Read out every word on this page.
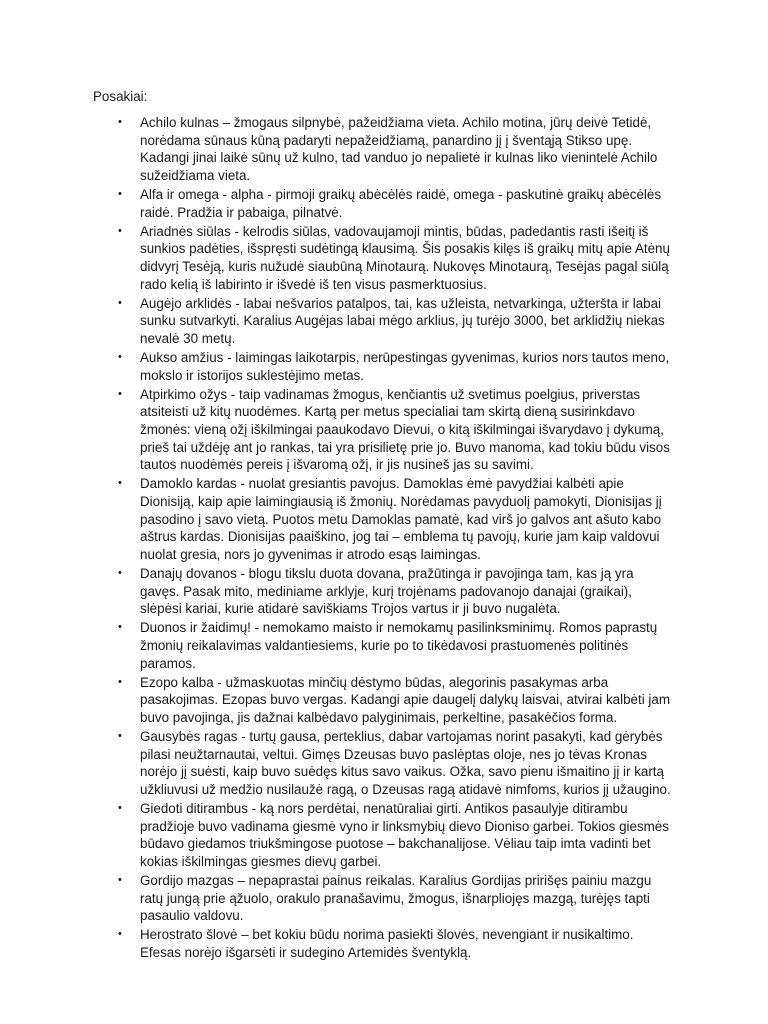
Posakiai:

•	Achilo kulnas – žmogaus silpnybė, pažeidžiama vieta. Achilo motina, jūrų deivė Tetidė, norėdama sūnaus kūną padaryti nepažeidžiamą, panardino jį į šventąją Stikso upę. Kadangi jinai laikė sūnų už kulno, tad vanduo jo nepalietė ir kulnas liko vienintelė Achilo sužeidžiama vieta.
•	Alfa ir omega - alpha - pirmoji graikų abėcėlės raidė, omega - paskutinė graikų abėcėlės raidė. Pradžia ir pabaiga, pilnatvė.
•	Ariadnės siūlas - kelrodis siūlas, vadovaujamoji mintis, būdas, padedantis rasti išeitį iš sunkios padėties, išspręsti sudėtingą klausimą. Šis posakis kilęs iš graikų mitų apie Atėnų didvyrį Tesėją, kuris nužudė siaubūną Minotaurą. Nukovęs Minotaurą, Tesėjas pagal siūlą rado kelią iš labirinto ir išvedė iš ten visus pasmerktuosius.
•	Augėjo arklidės - labai nešvarios patalpos, tai, kas užleista, netvarkinga, užteršta ir labai sunku sutvarkyti. Karalius Augėjas labai mėgo arklius, jų turėjo 3000, bet arklidžių niekas nevalė 30 metų.
•	Aukso amžius - laimingas laikotarpis, nerūpestingas gyvenimas, kurios nors tautos meno, mokslo ir istorijos suklestėjimo metas.
•	Atpirkimo ožys - taip vadinamas žmogus, kenčiantis už svetimus poelgius, priverstas atsiteisti už kitų nuodėmes. Kartą per metus specialiai tam skirtą dieną susirinkdavo žmonės: vieną ožį iškilmingai paaukodavo Dievui, o kitą iškilmingai išvarydavo į dykumą, prieš tai uždėję ant jo rankas, tai yra prisilietę prie jo. Buvo manoma, kad tokiu būdu visos tautos nuodėmės pereis į išvaromą ožį, ir jis nusineš jas su savimi.
•	Damoklo kardas - nuolat gresiantis pavojus. Damoklas ėmė pavydžiai kalbėti apie Dionisiją, kaip apie laimingiausią iš žmonių. Norėdamas pavyduolį pamokyti, Dionisijas jį pasodino į savo vietą. Puotos metu Damoklas pamatė, kad virš jo galvos ant ašuto kabo aštrus kardas. Dionisijas paaiškino, jog tai – emblema tų pavojų, kurie jam kaip valdovui nuolat gresia, nors jo gyvenimas ir atrodo esąs laimingas.
•	Danajų dovanos - blogu tikslu duota dovana, pražūtinga ir pavojinga tam, kas ją yra gavęs. Pasak mito, mediniame arklyje, kurį trojėnams padovanojo danajai (graikai), slėpėsi kariai, kurie atidarė saviškiams Trojos vartus ir ji buvo nugalėta.
•	Duonos ir žaidimų! - nemokamo maisto ir nemokamų pasilinksminimų. Romos paprastų žmonių reikalavimas valdantiesiems, kurie po to tikėdavosi prastuomenės politinės paramos.
•	Ezopo kalba - užmaskuotas minčių dėstymo būdas, alegorinis pasakymas arba pasakojimas. Ezopas buvo vergas. Kadangi apie daugelį dalykų laisvai, atvirai kalbėti jam buvo pavojinga, jis dažnai kalbėdavo palyginimais, perkeltine, pasakėčios forma.
•	Gausybės ragas - turtų gausa, perteklius, dabar vartojamas norint pasakyti, kad gėrybės pilasi neužtarnautai, veltui. Gimęs Dzeusas buvo paslėptas oloje, nes jo tėvas Kronas norėjo jį suėsti, kaip buvo suėdęs kitus savo vaikus. Ožka, savo pienu išmaitino jį ir kartą užkliuvusi už medžio nusilaužė ragą, o Dzeusas ragą atidavė nimfoms, kurios jį užaugino.
•	Giedoti ditirambus - ką nors perdėtai, nenatūraliai girti. Antikos pasaulyje ditirambu pradžioje buvo vadinama giesmė vyno ir linksmybių dievo Dioniso garbei. Tokios giesmės būdavo giedamos triukšmingose puotose – bakchanalijose. Vėliau taip imta vadinti bet kokias iškilmingas giesmes dievų garbei.
•	Gordijo mazgas – nepaprastai painus reikalas. Karalius Gordijas pririšęs painiu mazgu ratų jungą prie ąžuolo, orakulo pranašavimu, žmogus, išnarpliojęs mazgą, turėjęs tapti pasaulio valdovu.
•	Herostrato šlovė – bet kokiu būdu norima pasiekti šlovės, nevengiant ir nusikaltimo. Efesas norėjo išgarsėti ir sudegino Artemidės šventyklą.
